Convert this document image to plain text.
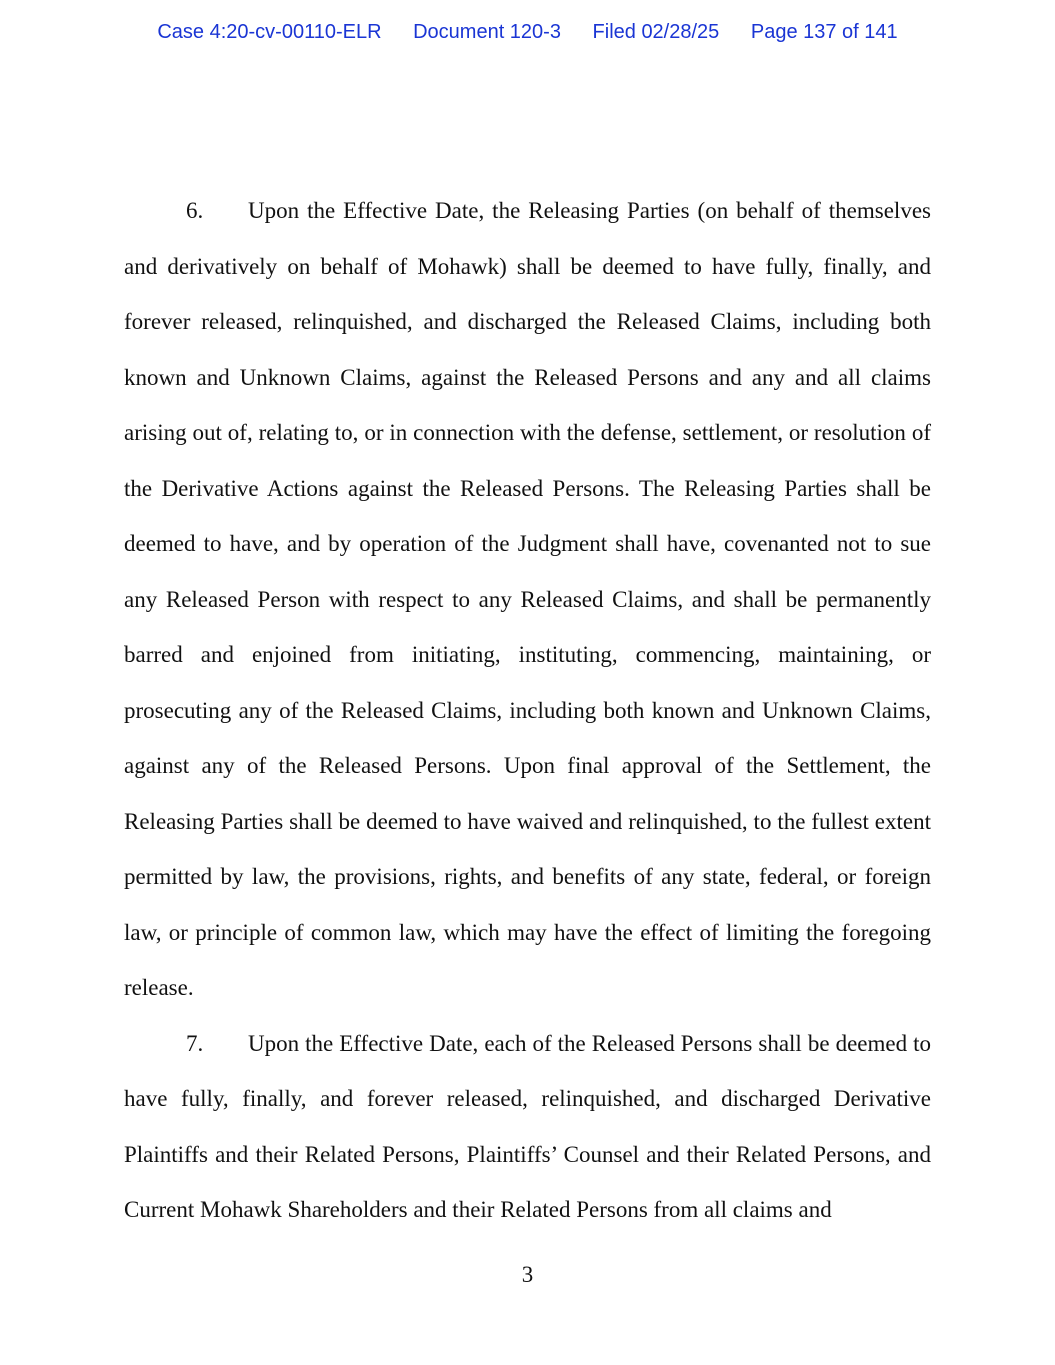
Case 4:20-cv-00110-ELR Document 120-3 Filed 02/28/25 Page 137 of 141

6. Upon the Effective Date, the Releasing Parties (on behalf of themselves and derivatively on behalf of Mohawk) shall be deemed to have fully, finally, and forever released, relinquished, and discharged the Released Claims, including both known and Unknown Claims, against the Released Persons and any and all claims arising out of, relating to, or in connection with the defense, settlement, or resolution of the Derivative Actions against the Released Persons. The Releasing Parties shall be deemed to have, and by operation of the Judgment shall have, covenanted not to sue any Released Person with respect to any Released Claims, and shall be permanently barred and enjoined from initiating, instituting, commencing, maintaining, or prosecuting any of the Released Claims, including both known and Unknown Claims, against any of the Released Persons. Upon final approval of the Settlement, the Releasing Parties shall be deemed to have waived and relinquished, to the fullest extent permitted by law, the provisions, rights, and benefits of any state, federal, or foreign law, or principle of common law, which may have the effect of limiting the foregoing release.

7. Upon the Effective Date, each of the Released Persons shall be deemed to have fully, finally, and forever released, relinquished, and discharged Derivative Plaintiffs and their Related Persons, Plaintiffs’ Counsel and their Related Persons, and Current Mohawk Shareholders and their Related Persons from all claims and

3
